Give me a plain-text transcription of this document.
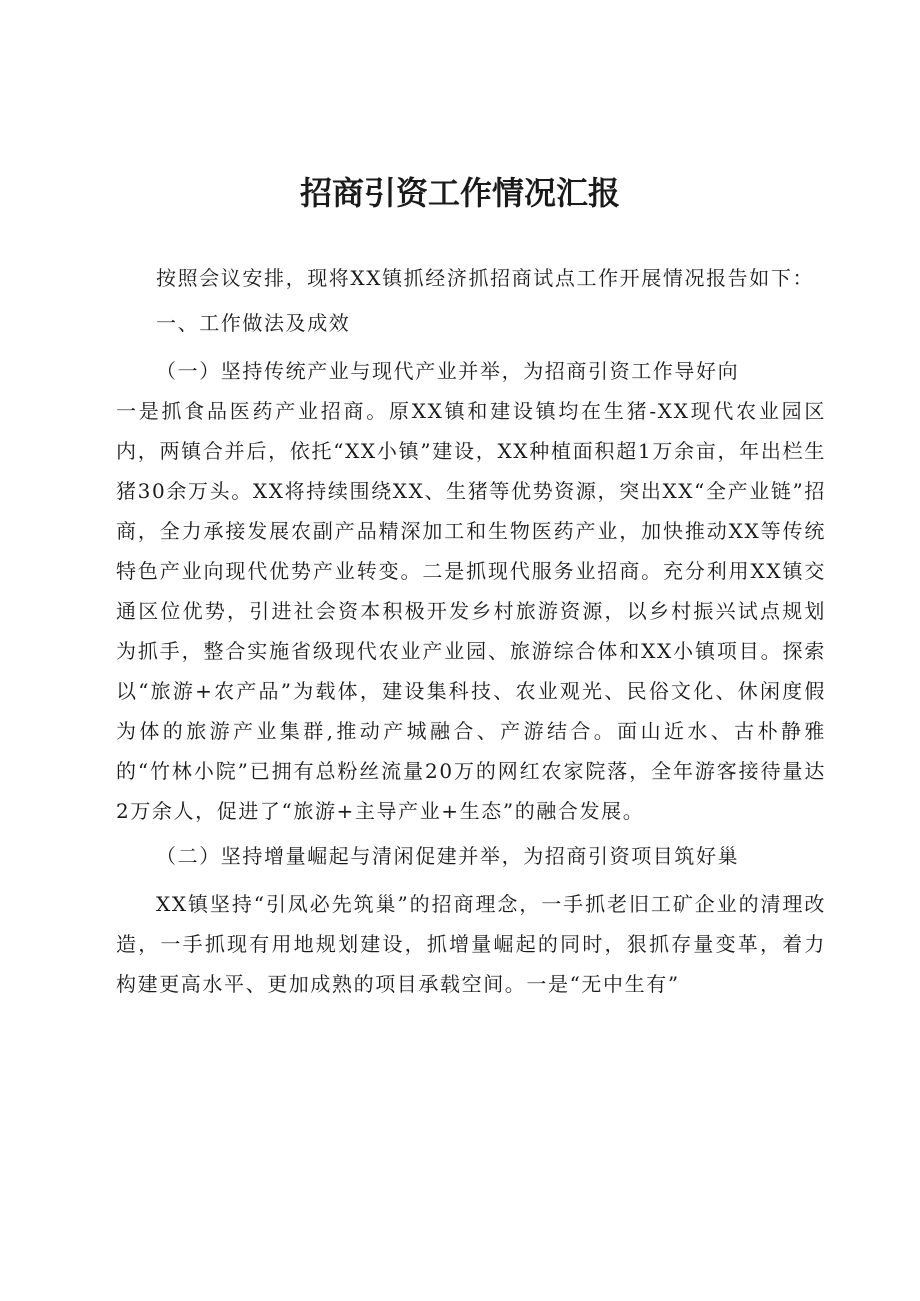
招商引资工作情况汇报

按照会议安排，现将XX镇抓经济抓招商试点工作开展情况报告如下：

一、工作做法及成效

（一）坚持传统产业与现代产业并举，为招商引资工作导好向

一是抓食品医药产业招商。原XX镇和建设镇均在生猪-XX现代农业园区内，两镇合并后，依托“XX小镇”建设，XX种植面积超1万余亩，年出栏生猪30余万头。XX将持续围绕XX、生猪等优势资源，突出XX“全产业链”招商，全力承接发展农副产品精深加工和生物医药产业，加快推动XX等传统特色产业向现代优势产业转变。二是抓现代服务业招商。充分利用XX镇交通区位优势，引进社会资本积极开发乡村旅游资源，以乡村振兴试点规划为抓手，整合实施省级现代农业产业园、旅游综合体和XX小镇项目。探索以“旅游+农产品”为载体，建设集科技、农业观光、民俗文化、休闲度假为体的旅游产业集群,推动产城融合、产游结合。面山近水、古朴静雅的“竹林小院”已拥有总粉丝流量20万的网红农家院落，全年游客接待量达2万余人，促进了“旅游+主导产业+生态”的融合发展。

（二）坚持增量崛起与清闲促建并举，为招商引资项目筑好巢

XX镇坚持“引凤必先筑巢”的招商理念，一手抓老旧工矿企业的清理改造，一手抓现有用地规划建设，抓增量崛起的同时，狠抓存量变革，着力构建更高水平、更加成熟的项目承载空间。一是“无中生有”
